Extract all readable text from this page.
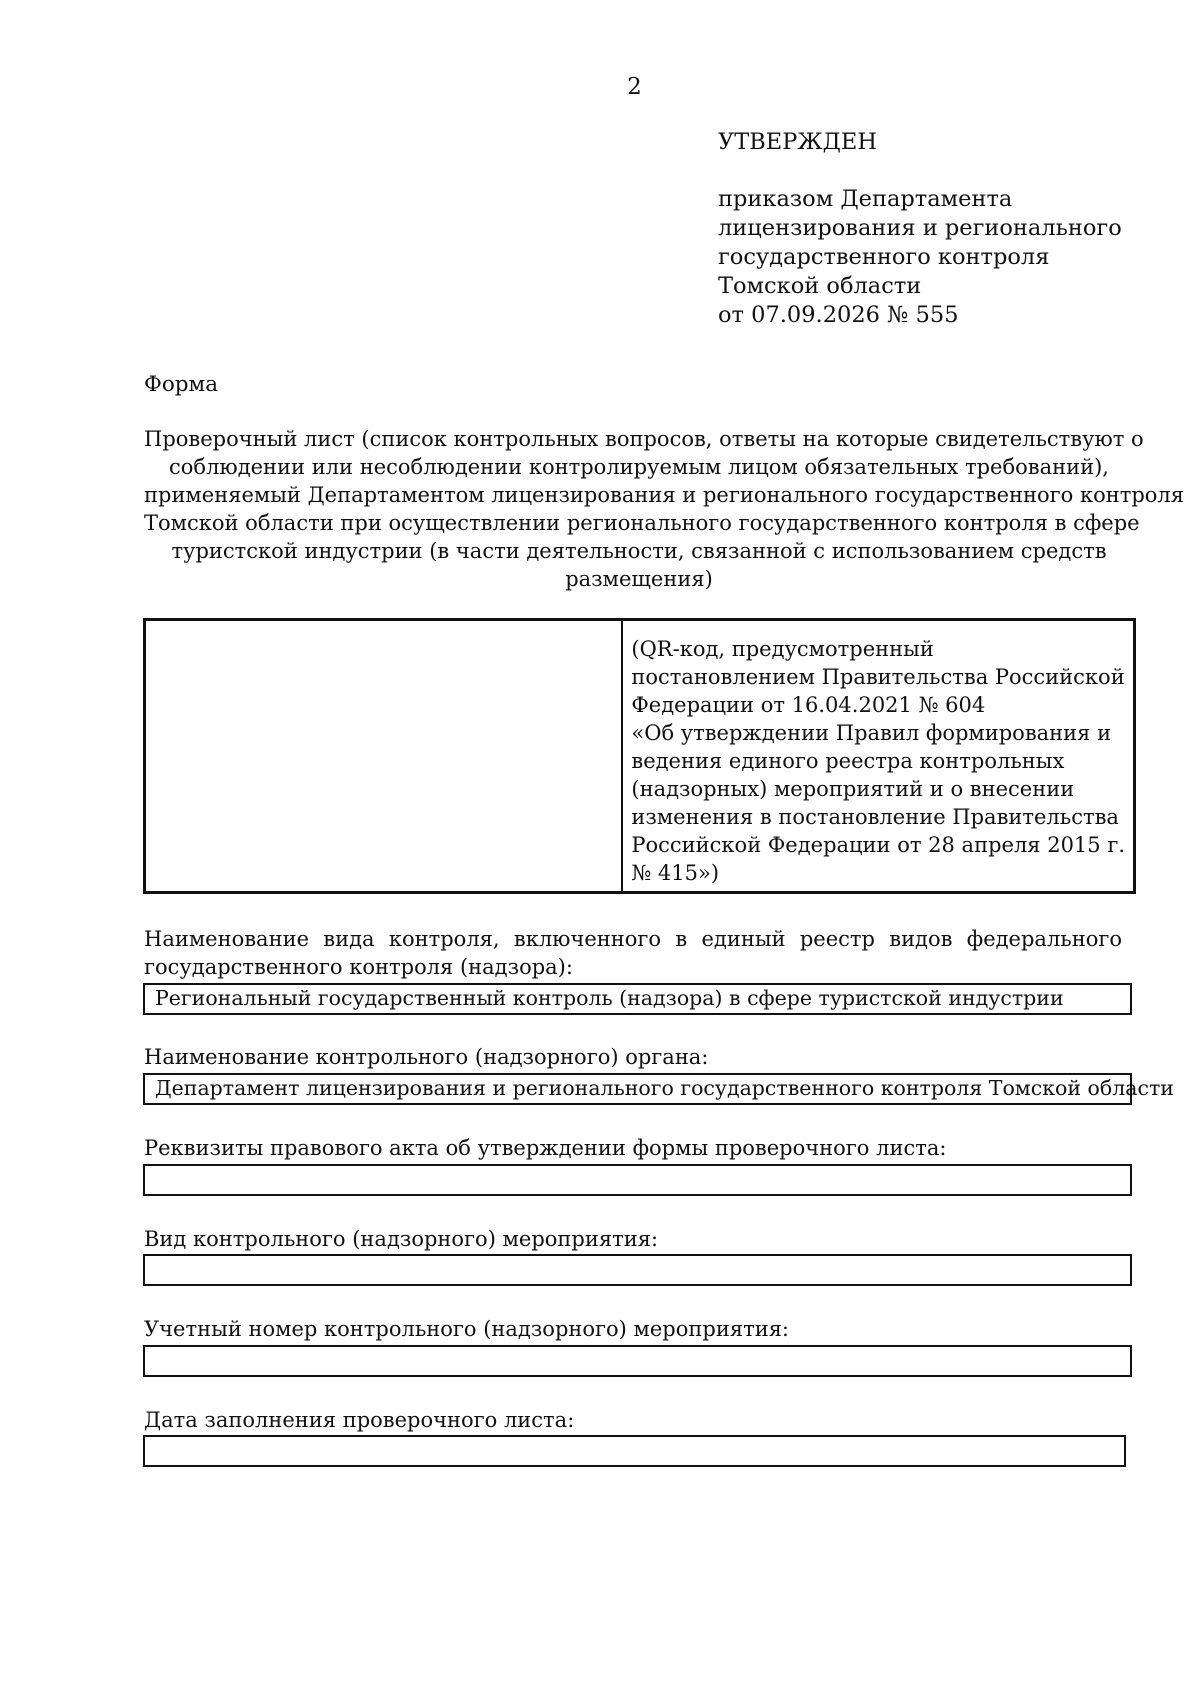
2
УТВЕРЖДЕН
приказом Департамента
лицензирования и регионального
государственного контроля
Томской области
от 07.09.2026 № 555
Форма
Проверочный лист (список контрольных вопросов, ответы на которые свидетельствуют о
соблюдении или несоблюдении контролируемым лицом обязательных требований),
применяемый Департаментом лицензирования и регионального государственного контроля
Томской области при осуществлении регионального государственного контроля в сфере
туристской индустрии (в части деятельности, связанной с использованием средств
размещения)
(QR-код, предусмотренный
постановлением Правительства Российской
Федерации от 16.04.2021 № 604
«Об утверждении Правил формирования и
ведения единого реестра контрольных
(надзорных) мероприятий и о внесении
изменения в постановление Правительства
Российской Федерации от 28 апреля 2015 г.
№ 415»)
Наименование вида контроля, включенного в единый реестр видов федерального
государственного контроля (надзора):
Региональный государственный контроль (надзора) в сфере туристской индустрии
Наименование контрольного (надзорного) органа:
Департамент лицензирования и регионального государственного контроля Томской области
Реквизиты правового акта об утверждении формы проверочного листа:
Вид контрольного (надзорного) мероприятия:
Учетный номер контрольного (надзорного) мероприятия:
Дата заполнения проверочного листа:
